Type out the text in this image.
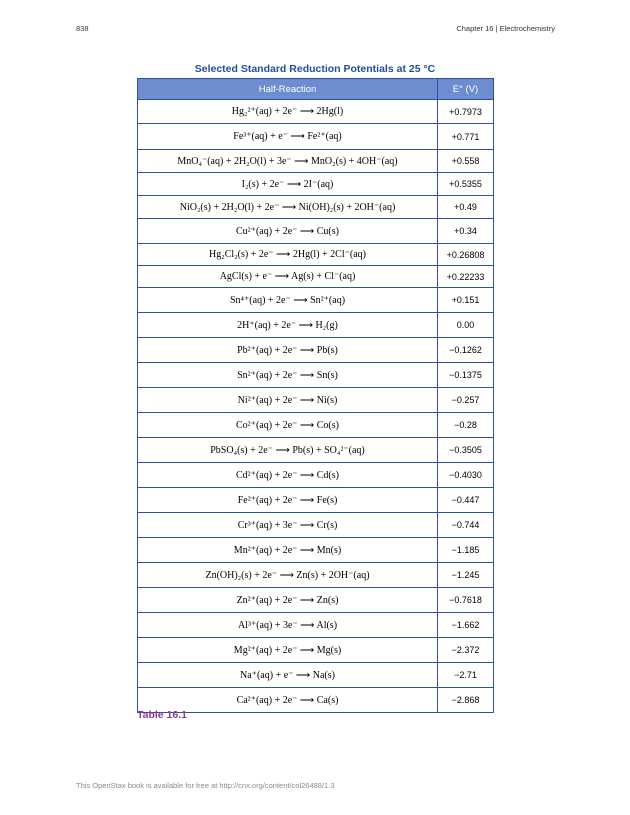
838	Chapter 16 | Electrochemistry
Selected Standard Reduction Potentials at 25 °C
Half-Reaction	E° (V)
Hg₂²⁺(aq) + 2e⁻ ⟶ 2Hg(l)	+0.7973
Fe³⁺(aq) + e⁻ ⟶ Fe²⁺(aq)	+0.771
MnO₄⁻(aq) + 2H₂O(l) + 3e⁻ ⟶ MnO₂(s) + 4OH⁻(aq)	+0.558
I₂(s) + 2e⁻ ⟶ 2I⁻(aq)	+0.5355
NiO₂(s) + 2H₂O(l) + 2e⁻ ⟶ Ni(OH)₂(s) + 2OH⁻(aq)	+0.49
Cu²⁺(aq) + 2e⁻ ⟶ Cu(s)	+0.34
Hg₂Cl₂(s) + 2e⁻ ⟶ 2Hg(l) + 2Cl⁻(aq)	+0.26808
AgCl(s) + e⁻ ⟶ Ag(s) + Cl⁻(aq)	+0.22233
Sn⁴⁺(aq) + 2e⁻ ⟶ Sn²⁺(aq)	+0.151
2H⁺(aq) + 2e⁻ ⟶ H₂(g)	0.00
Pb²⁺(aq) + 2e⁻ ⟶ Pb(s)	−0.1262
Sn²⁺(aq) + 2e⁻ ⟶ Sn(s)	−0.1375
Ni²⁺(aq) + 2e⁻ ⟶ Ni(s)	−0.257
Co²⁺(aq) + 2e⁻ ⟶ Co(s)	−0.28
PbSO₄(s) + 2e⁻ ⟶ Pb(s) + SO₄²⁻(aq)	−0.3505
Cd²⁺(aq) + 2e⁻ ⟶ Cd(s)	−0.4030
Fe²⁺(aq) + 2e⁻ ⟶ Fe(s)	−0.447
Cr³⁺(aq) + 3e⁻ ⟶ Cr(s)	−0.744
Mn²⁺(aq) + 2e⁻ ⟶ Mn(s)	−1.185
Zn(OH)₂(s) + 2e⁻ ⟶ Zn(s) + 2OH⁻(aq)	−1.245
Zn²⁺(aq) + 2e⁻ ⟶ Zn(s)	−0.7618
Al³⁺(aq) + 3e⁻ ⟶ Al(s)	−1.662
Mg²⁺(aq) + 2e⁻ ⟶ Mg(s)	−2.372
Na⁺(aq) + e⁻ ⟶ Na(s)	−2.71
Ca²⁺(aq) + 2e⁻ ⟶ Ca(s)	−2.868
Table 16.1
This OpenStax book is available for free at http://cnx.org/content/col26488/1.3
